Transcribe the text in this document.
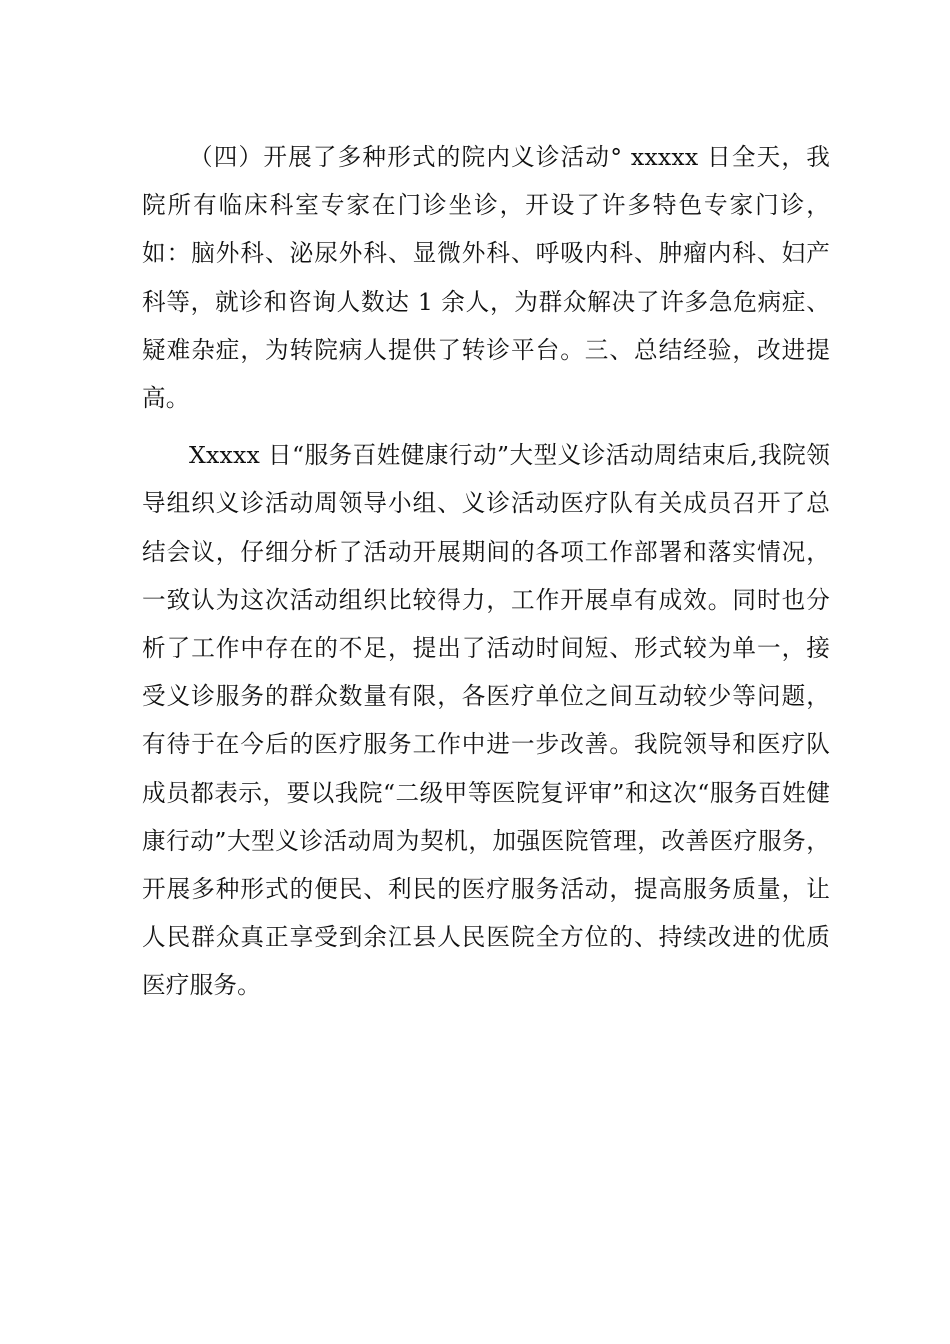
（四）开展了多种形式的院内义诊活动° xxxxx 日全天，我院所有临床科室专家在门诊坐诊，开设了许多特色专家门诊，如：脑外科、泌尿外科、显微外科、呼吸内科、肿瘤内科、妇产科等，就诊和咨询人数达 1 余人，为群众解决了许多急危病症、疑难杂症，为转院病人提供了转诊平台。三、总结经验，改进提高。

Xxxxx 日“服务百姓健康行动”大型义诊活动周结束后,我院领导组织义诊活动周领导小组、义诊活动医疗队有关成员召开了总结会议，仔细分析了活动开展期间的各项工作部署和落实情况，一致认为这次活动组织比较得力，工作开展卓有成效。同时也分析了工作中存在的不足，提出了活动时间短、形式较为单一，接受义诊服务的群众数量有限，各医疗单位之间互动较少等问题，有待于在今后的医疗服务工作中进一步改善。我院领导和医疗队成员都表示，要以我院“二级甲等医院复评审”和这次“服务百姓健康行动”大型义诊活动周为契机，加强医院管理，改善医疗服务，开展多种形式的便民、利民的医疗服务活动，提高服务质量，让人民群众真正享受到余江县人民医院全方位的、持续改进的优质医疗服务。
